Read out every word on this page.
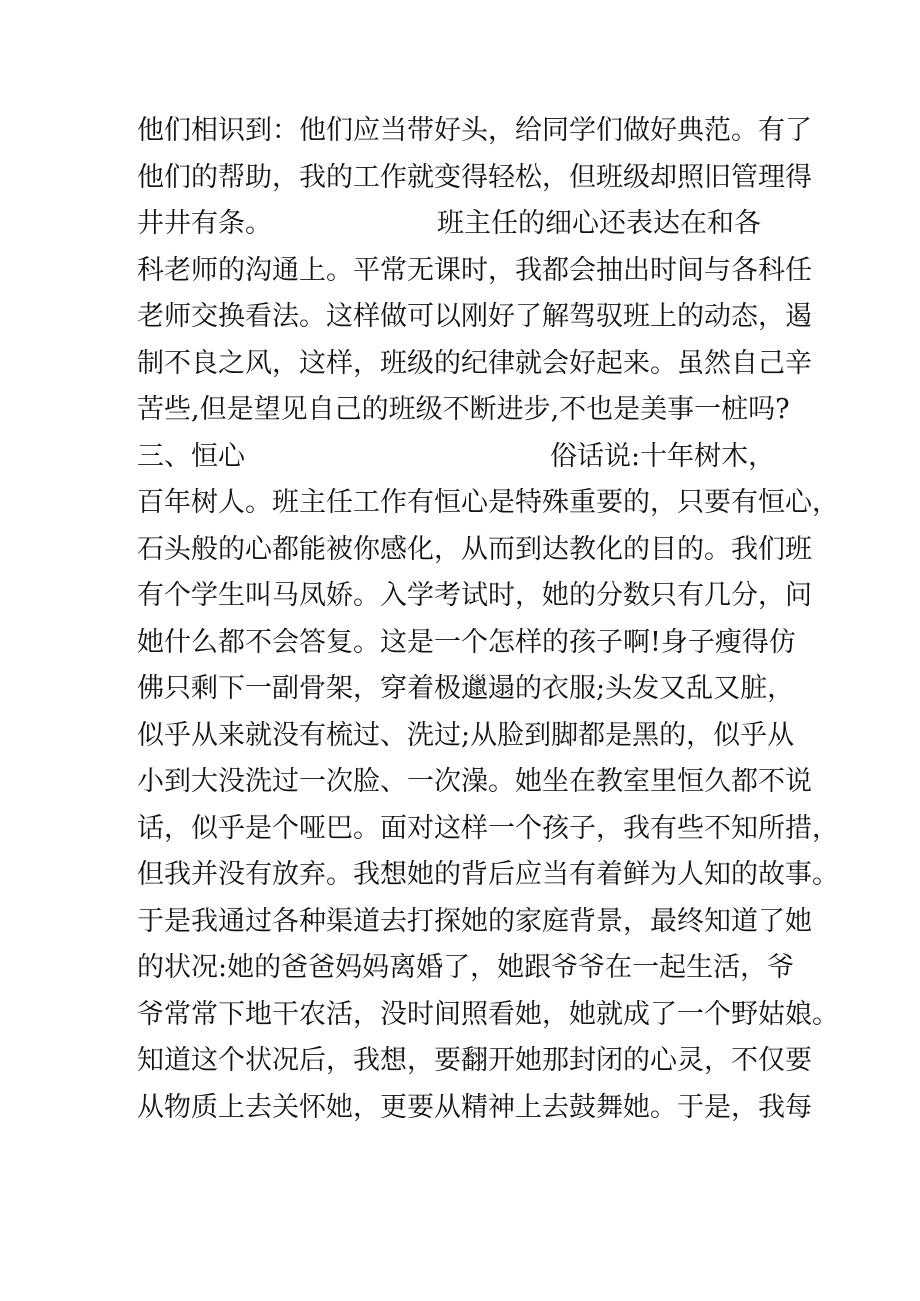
他们相识到：他们应当带好头，给同学们做好典范。有了
他们的帮助，我的工作就变得轻松，但班级却照旧管理得
井井有条。	班主任的细心还表达在和各
科老师的沟通上。平常无课时，我都会抽出时间与各科任
老师交换看法。这样做可以刚好了解驾驭班上的动态，遏
制不良之风，这样，班级的纪律就会好起来。虽然自己辛
苦些,但是望见自己的班级不断进步,不也是美事一桩吗?
三、恒心	俗话说:十年树木，
百年树人。班主任工作有恒心是特殊重要的，只要有恒心，
石头般的心都能被你感化，从而到达教化的目的。我们班
有个学生叫马凤娇。入学考试时，她的分数只有几分，问
她什么都不会答复。这是一个怎样的孩子啊!身子瘦得仿
佛只剩下一副骨架，穿着极邋遢的衣服;头发又乱又脏，
似乎从来就没有梳过、洗过;从脸到脚都是黑的，似乎从
小到大没洗过一次脸、一次澡。她坐在教室里恒久都不说
话，似乎是个哑巴。面对这样一个孩子，我有些不知所措，
但我并没有放弃。我想她的背后应当有着鲜为人知的故事。
于是我通过各种渠道去打探她的家庭背景，最终知道了她
的状况:她的爸爸妈妈离婚了，她跟爷爷在一起生活，爷
爷常常下地干农活，没时间照看她，她就成了一个野姑娘。
知道这个状况后，我想，要翻开她那封闭的心灵，不仅要
从物质上去关怀她，更要从精神上去鼓舞她。于是，我每
